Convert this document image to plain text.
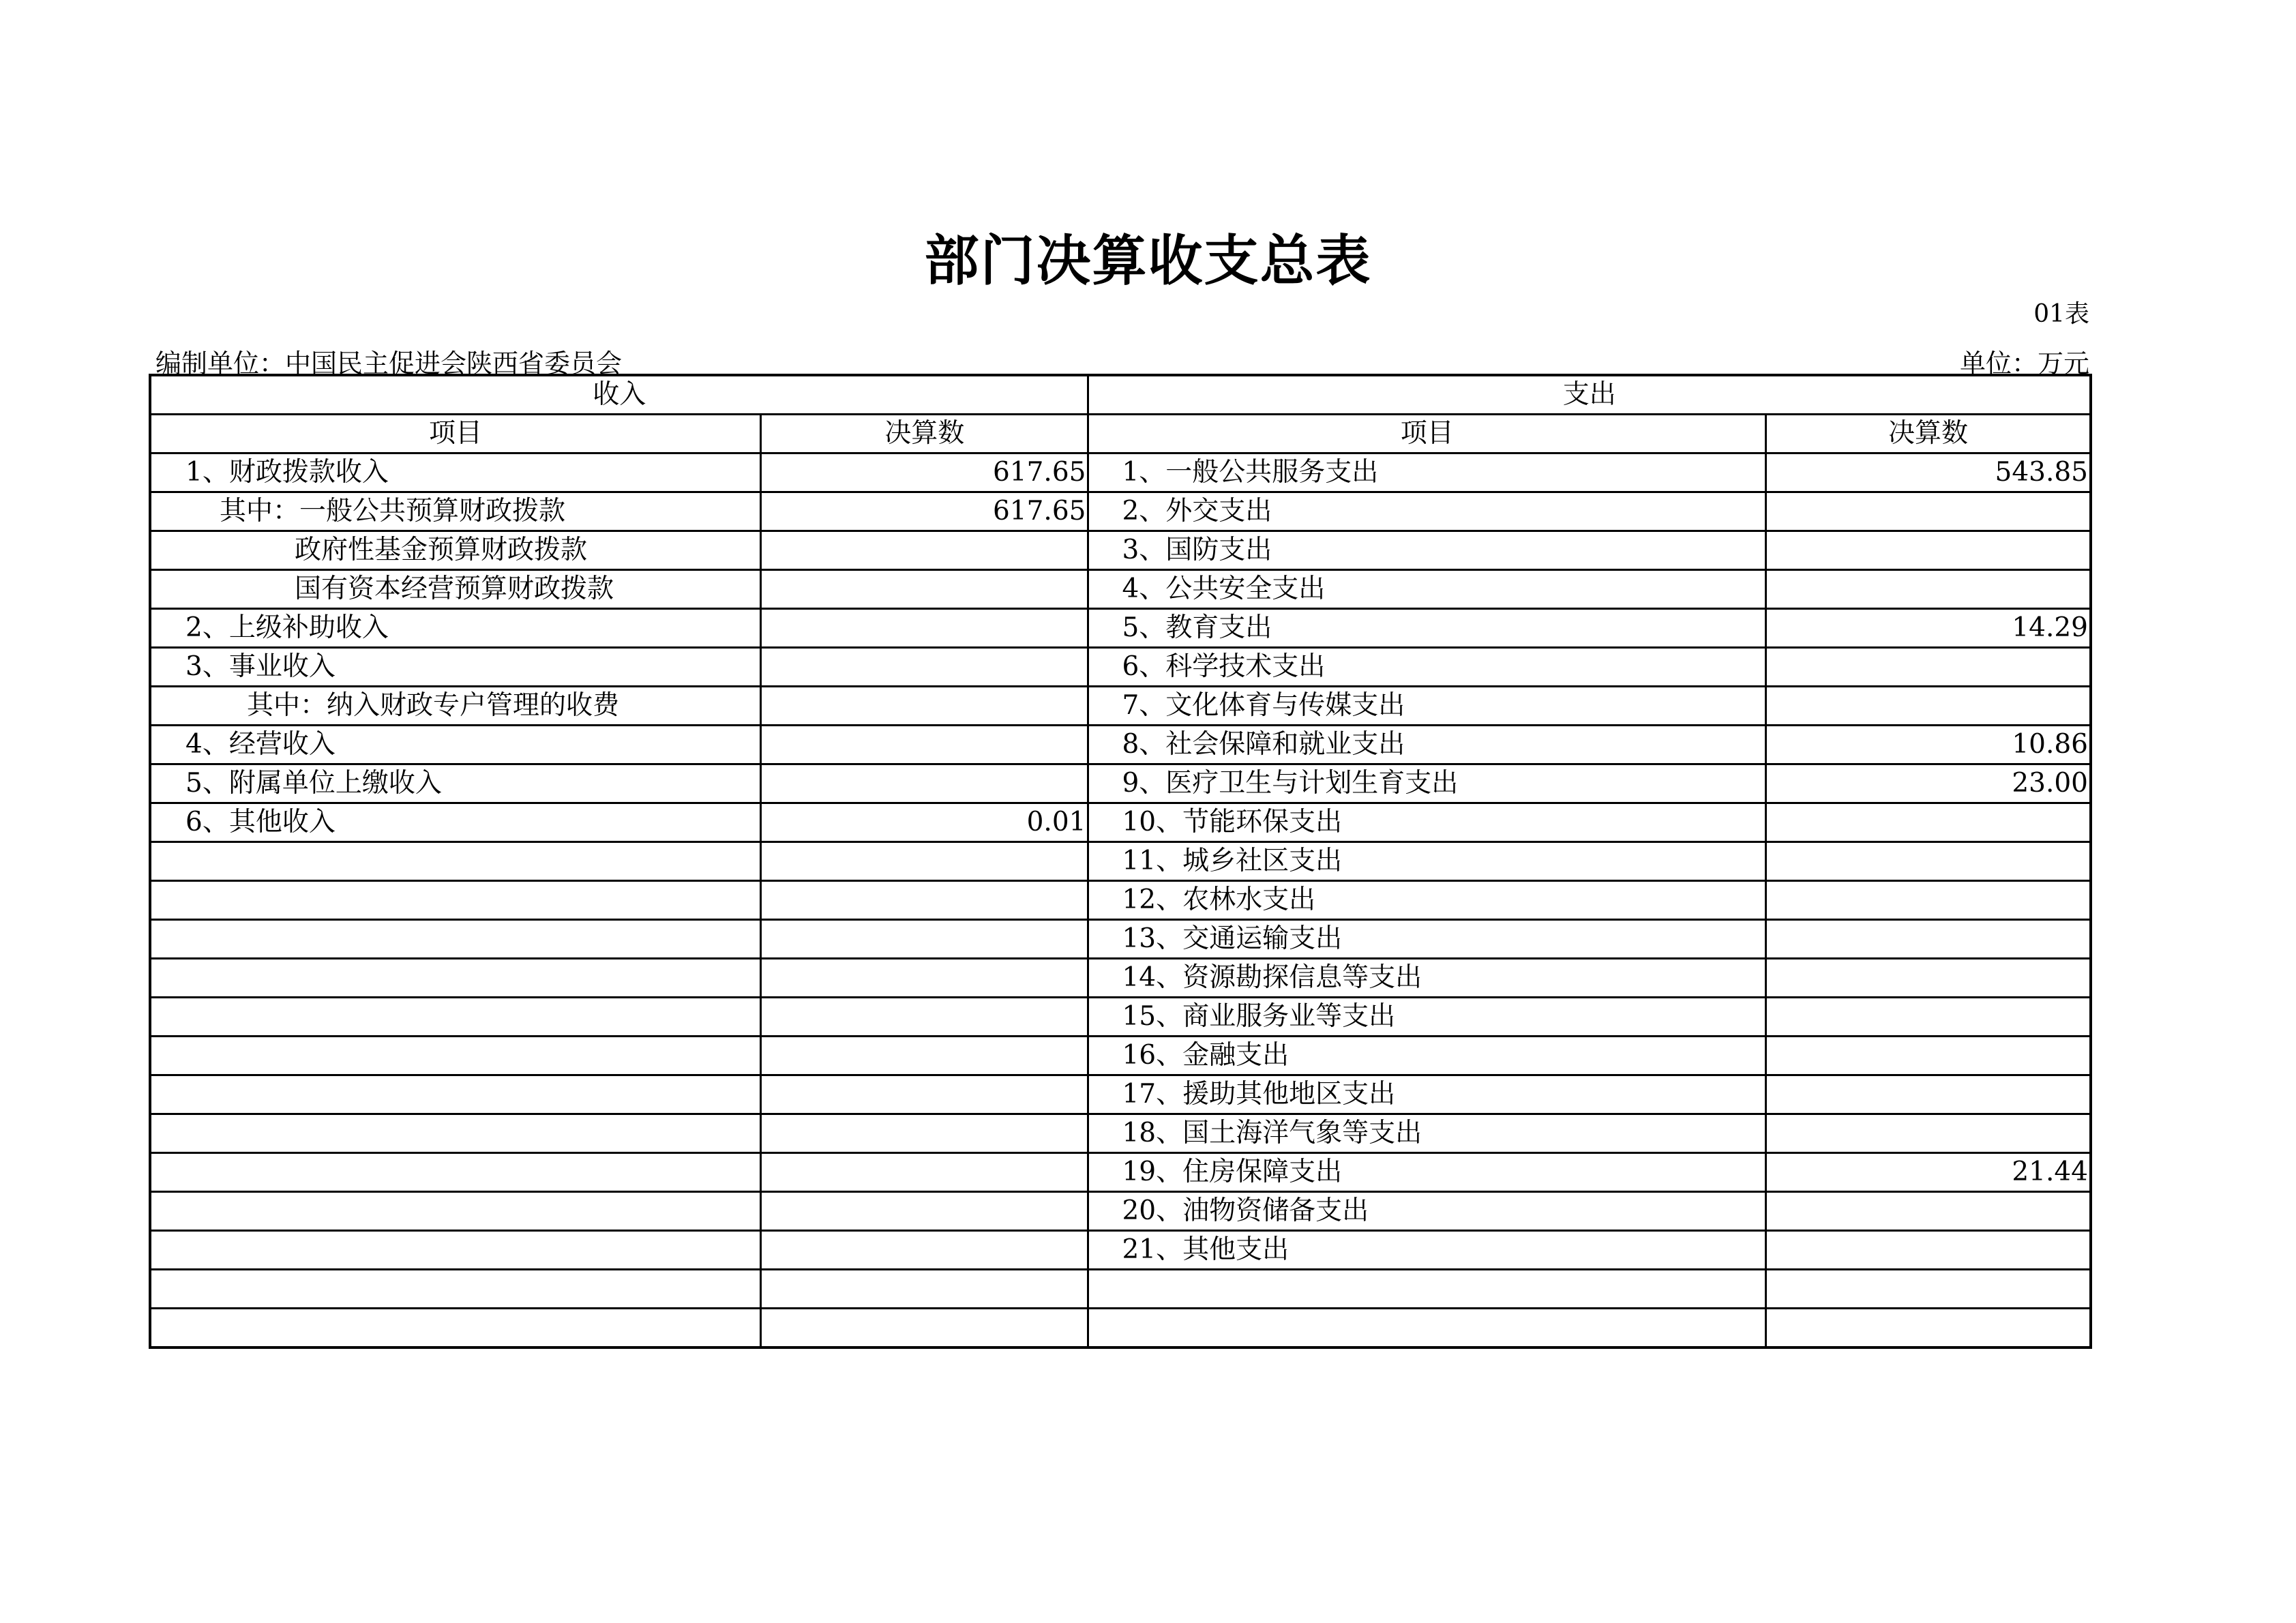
部门决算收支总表
01表
编制单位：中国民主促进会陕西省委员会	单位：万元
收入		支出	
项目	决算数	项目	决算数
1、财政拨款收入	617.65	1、一般公共服务支出	543.85
其中：一般公共预算财政拨款	617.65	2、外交支出	
政府性基金预算财政拨款		3、国防支出	
国有资本经营预算财政拨款		4、公共安全支出	
2、上级补助收入		5、教育支出	14.29
3、事业收入		6、科学技术支出	
其中：纳入财政专户管理的收费		7、文化体育与传媒支出	
4、经营收入		8、社会保障和就业支出	10.86
5、附属单位上缴收入		9、医疗卫生与计划生育支出	23.00
6、其他收入	0.01	10、节能环保支出	
		11、城乡社区支出	
		12、农林水支出	
		13、交通运输支出	
		14、资源勘探信息等支出	
		15、商业服务业等支出	
		16、金融支出	
		17、援助其他地区支出	
		18、国土海洋气象等支出	
		19、住房保障支出	21.44
		20、油物资储备支出	
		21、其他支出	
